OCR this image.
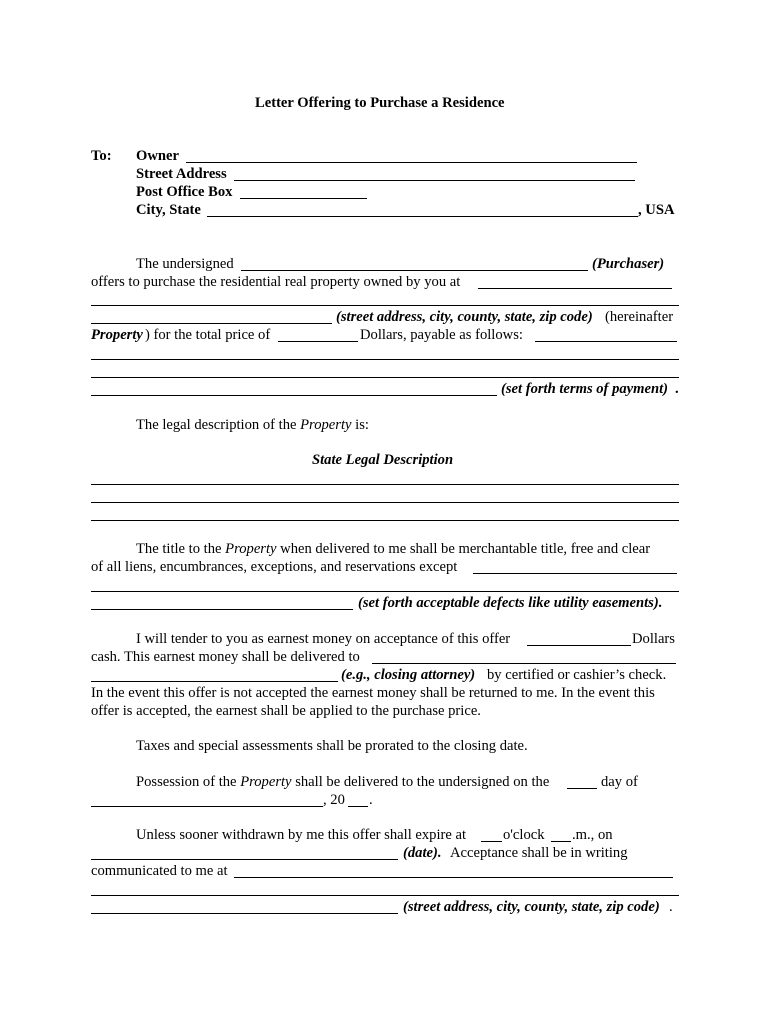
Letter Offering to Purchase a Residence
To: Owner
Street Address
Post Office Box
City, State	, USA
The undersigned	(Purchaser)
offers to purchase the residential real property owned by you at
(street address, city, county, state, zip code) (hereinafter
Property ) for the total price of	Dollars, payable as follows:
(set forth terms of payment) .
The legal description of the Property is:
State Legal Description
The title to the Property when delivered to me shall be merchantable title, free and clear
of all liens, encumbrances, exceptions, and reservations except
(set forth acceptable defects like utility easements).
I will tender to you as earnest money on acceptance of this offer	Dollars
cash. This earnest money shall be delivered to
(e.g., closing attorney) by certified or cashier’s check.
In the event this offer is not accepted the earnest money shall be returned to me. In the event this
offer is accepted, the earnest shall be applied to the purchase price.
Taxes and special assessments shall be prorated to the closing date.
Possession of the Property shall be delivered to the undersigned on the	day of
, 20 .
Unless sooner withdrawn by me this offer shall expire at	o'clock .m., on
(date). Acceptance shall be in writing
communicated to me at
(street address, city, county, state, zip code) .
